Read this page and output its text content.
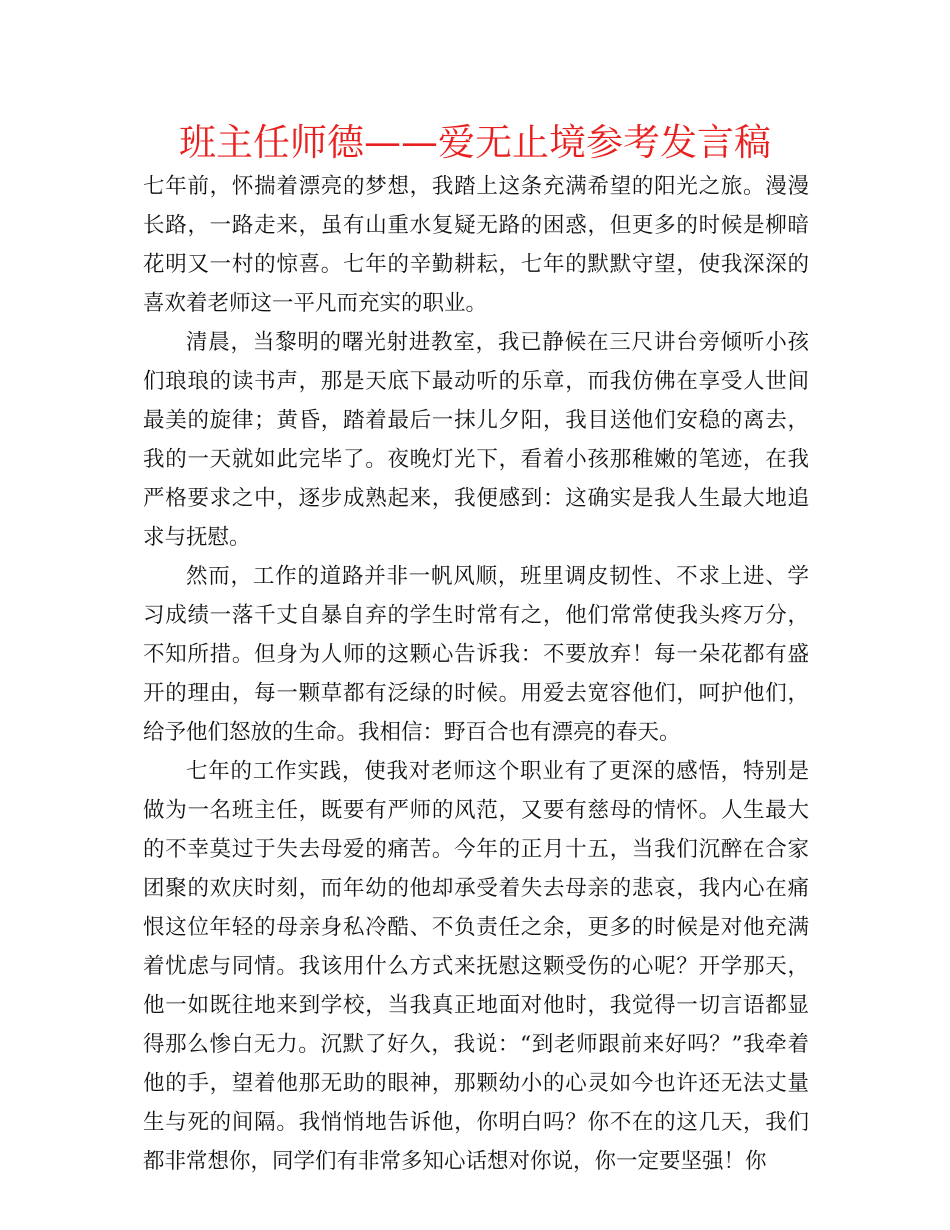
班主任师德——爱无止境参考发言稿

七年前，怀揣着漂亮的梦想，我踏上这条充满希望的阳光之旅。漫漫长路，一路走来，虽有山重水复疑无路的困惑，但更多的时候是柳暗花明又一村的惊喜。七年的辛勤耕耘，七年的默默守望，使我深深的喜欢着老师这一平凡而充实的职业。

清晨，当黎明的曙光射进教室，我已静候在三尺讲台旁倾听小孩们琅琅的读书声，那是天底下最动听的乐章，而我仿佛在享受人世间最美的旋律；黄昏，踏着最后一抹儿夕阳，我目送他们安稳的离去，我的一天就如此完毕了。夜晚灯光下，看着小孩那稚嫩的笔迹，在我严格要求之中，逐步成熟起来，我便感到：这确实是我人生最大地追求与抚慰。

然而，工作的道路并非一帆风顺，班里调皮韧性、不求上进、学习成绩一落千丈自暴自弃的学生时常有之，他们常常使我头疼万分，不知所措。但身为人师的这颗心告诉我：不要放弃！每一朵花都有盛开的理由，每一颗草都有泛绿的时候。用爱去宽容他们，呵护他们，给予他们怒放的生命。我相信：野百合也有漂亮的春天。

七年的工作实践，使我对老师这个职业有了更深的感悟，特别是做为一名班主任，既要有严师的风范，又要有慈母的情怀。人生最大的不幸莫过于失去母爱的痛苦。今年的正月十五，当我们沉醉在合家团聚的欢庆时刻，而年幼的他却承受着失去母亲的悲哀，我内心在痛恨这位年轻的母亲身私冷酷、不负责任之余，更多的时候是对他充满着忧虑与同情。我该用什么方式来抚慰这颗受伤的心呢？开学那天，他一如既往地来到学校，当我真正地面对他时，我觉得一切言语都显得那么惨白无力。沉默了好久，我说：“到老师跟前来好吗？”我牵着他的手，望着他那无助的眼神，那颗幼小的心灵如今也许还无法丈量生与死的间隔。我悄悄地告诉他，你明白吗？你不在的这几天，我们都非常想你，同学们有非常多知心话想对你说，你一定要坚强！你
